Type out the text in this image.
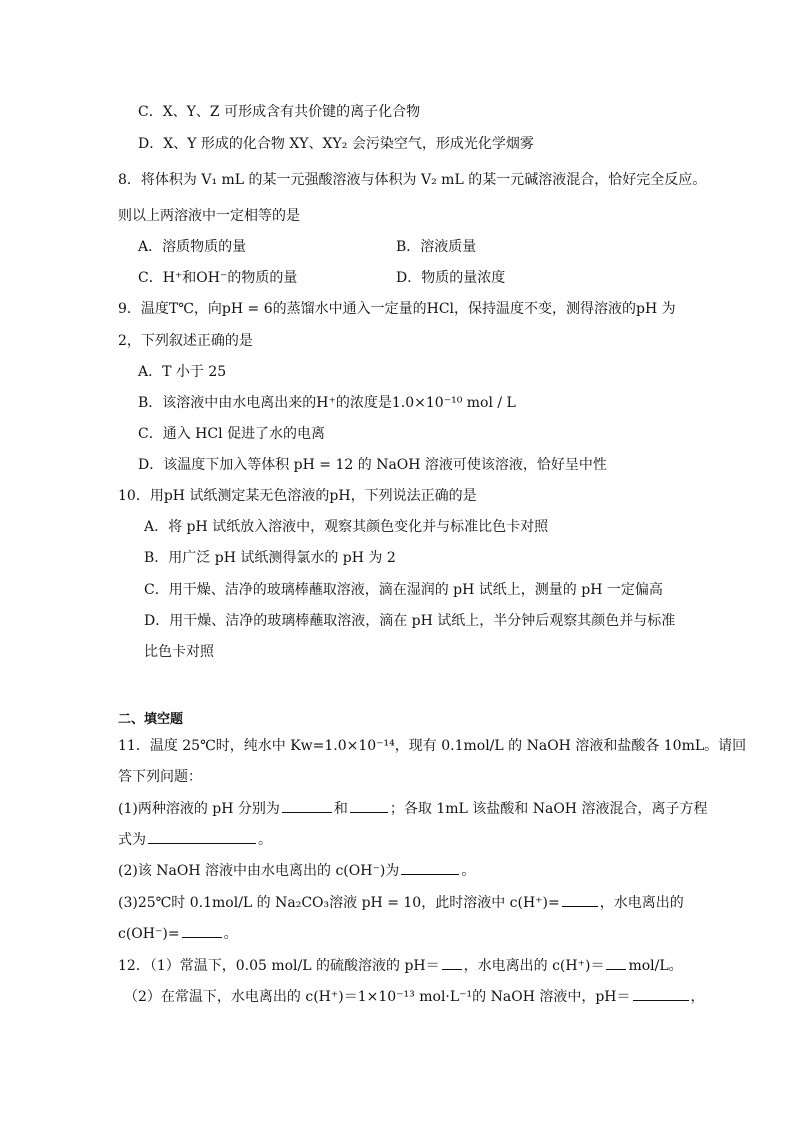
C．X、Y、Z 可形成含有共价键的离子化合物
D．X、Y 形成的化合物 XY、XY₂ 会污染空气，形成光化学烟雾
8．将体积为 V₁ mL 的某一元强酸溶液与体积为 V₂ mL 的某一元碱溶液混合，恰好完全反应。
则以上两溶液中一定相等的是
A．溶质物质的量	B．溶液质量
C．H⁺和OH⁻的物质的量	D．物质的量浓度
9．温度T℃，向pH = 6的蒸馏水中通入一定量的HCl，保持温度不变，测得溶液的pH 为
2，下列叙述正确的是
A．T 小于 25
B．该溶液中由水电离出来的H⁺的浓度是1.0×10⁻¹⁰ mol / L
C．通入 HCl 促进了水的电离
D．该温度下加入等体积 pH = 12 的 NaOH 溶液可使该溶液，恰好呈中性
10．用pH 试纸测定某无色溶液的pH，下列说法正确的是
A．将 pH 试纸放入溶液中，观察其颜色变化并与标准比色卡对照
B．用广泛 pH 试纸测得氯水的 pH 为 2
C．用干燥、洁净的玻璃棒蘸取溶液，滴在湿润的 pH 试纸上，测量的 pH 一定偏高
D．用干燥、洁净的玻璃棒蘸取溶液，滴在 pH 试纸上，半分钟后观察其颜色并与标准
比色卡对照
二、填空题
11．温度 25℃时，纯水中 Kw=1.0×10⁻¹⁴，现有 0.1mol/L 的 NaOH 溶液和盐酸各 10mL。请回
答下列问题：
(1)两种溶液的 pH 分别为	和	；各取 1mL 该盐酸和 NaOH 溶液混合，离子方程
式为	。
(2)该 NaOH 溶液中由水电离出的 c(OH⁻)为	。
(3)25℃时 0.1mol/L 的 Na₂CO₃溶液 pH = 10，此时溶液中 c(H⁺)=	，水电离出的
c(OH⁻)=	。
12．（1）常温下，0.05 mol/L 的硫酸溶液的 pH＝ ，水电离出的 c(H⁺)＝ mol/L。
（2）在常温下，水电离出的 c(H⁺)＝1×10⁻¹³ mol·L⁻¹的 NaOH 溶液中，pH＝	，
